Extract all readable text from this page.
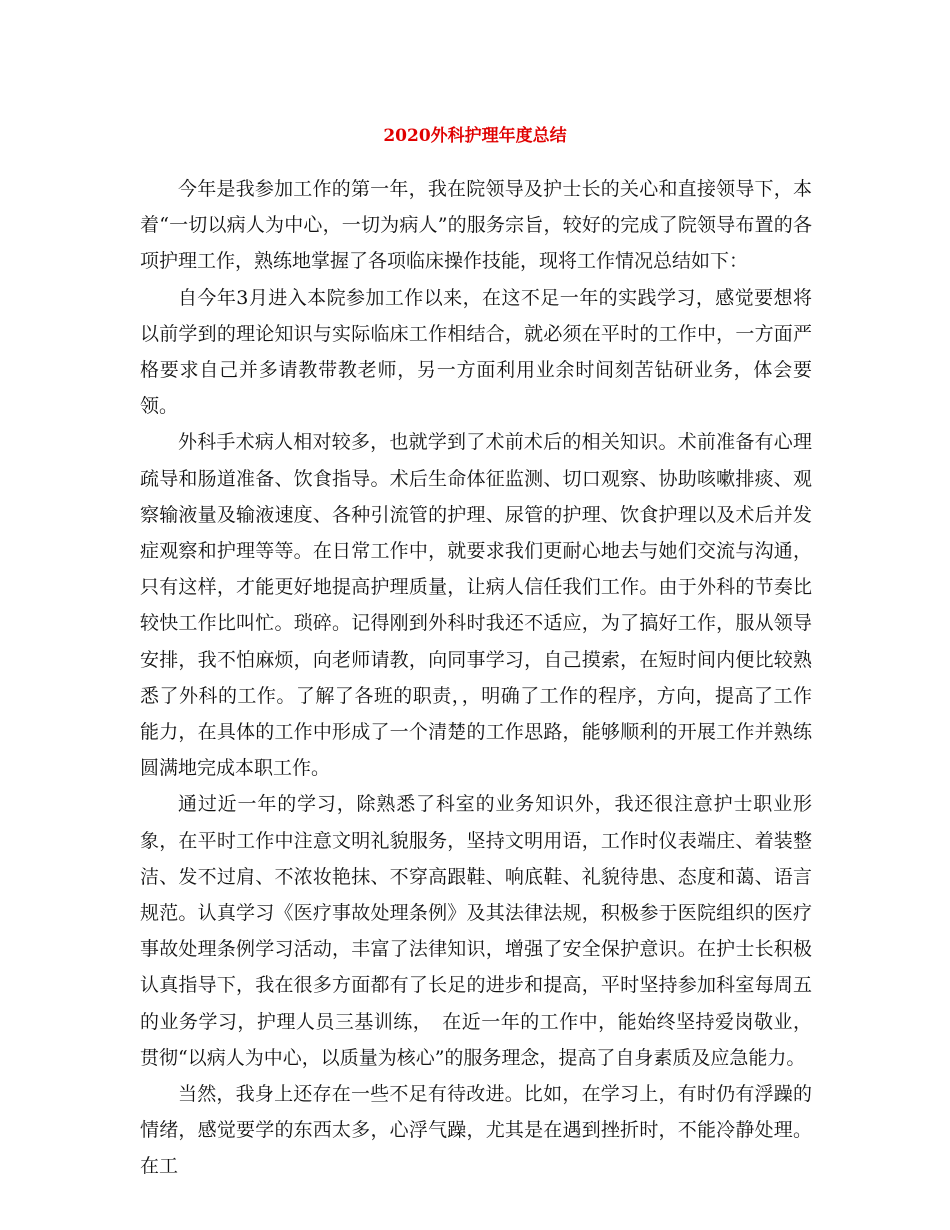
2020外科护理年度总结

今年是我参加工作的第一年，我在院领导及护士长的关心和直接领导下，本着“一切以病人为中心，一切为病人”的服务宗旨，较好的完成了院领导布置的各项护理工作，熟练地掌握了各项临床操作技能，现将工作情况总结如下：

自今年3月进入本院参加工作以来，在这不足一年的实践学习，感觉要想将以前学到的理论知识与实际临床工作相结合，就必须在平时的工作中，一方面严格要求自己并多请教带教老师，另一方面利用业余时间刻苦钻研业务，体会要领。

外科手术病人相对较多，也就学到了术前术后的相关知识。术前准备有心理疏导和肠道准备、饮食指导。术后生命体征监测、切口观察、协助咳嗽排痰、观察输液量及输液速度、各种引流管的护理、尿管的护理、饮食护理以及术后并发症观察和护理等等。在日常工作中，就要求我们更耐心地去与她们交流与沟通，只有这样，才能更好地提高护理质量，让病人信任我们工作。由于外科的节奏比较快工作比叫忙。琐碎。记得刚到外科时我还不适应，为了搞好工作，服从领导安排，我不怕麻烦，向老师请教，向同事学习，自己摸索，在短时间内便比较熟悉了外科的工作。了解了各班的职责，，明确了工作的程序，方向，提高了工作能力，在具体的工作中形成了一个清楚的工作思路，能够顺利的开展工作并熟练圆满地完成本职工作。

通过近一年的学习，除熟悉了科室的业务知识外，我还很注意护士职业形象，在平时工作中注意文明礼貌服务，坚持文明用语，工作时仪表端庄、着装整洁、发不过肩、不浓妆艳抹、不穿高跟鞋、响底鞋、礼貌待患、态度和蔼、语言规范。认真学习《医疗事故处理条例》及其法律法规，积极参于医院组织的医疗事故处理条例学习活动，丰富了法律知识，增强了安全保护意识。在护士长积极认真指导下，我在很多方面都有了长足的进步和提高，平时坚持参加科室每周五的业务学习，护理人员三基训练，　在近一年的工作中，能始终坚持爱岗敬业，贯彻“以病人为中心，以质量为核心”的服务理念，提高了自身素质及应急能力。

当然，我身上还存在一些不足有待改进。比如，在学习上，有时仍有浮躁的情绪，感觉要学的东西太多，心浮气躁，尤其是在遇到挫折时，不能冷静处理。在工
